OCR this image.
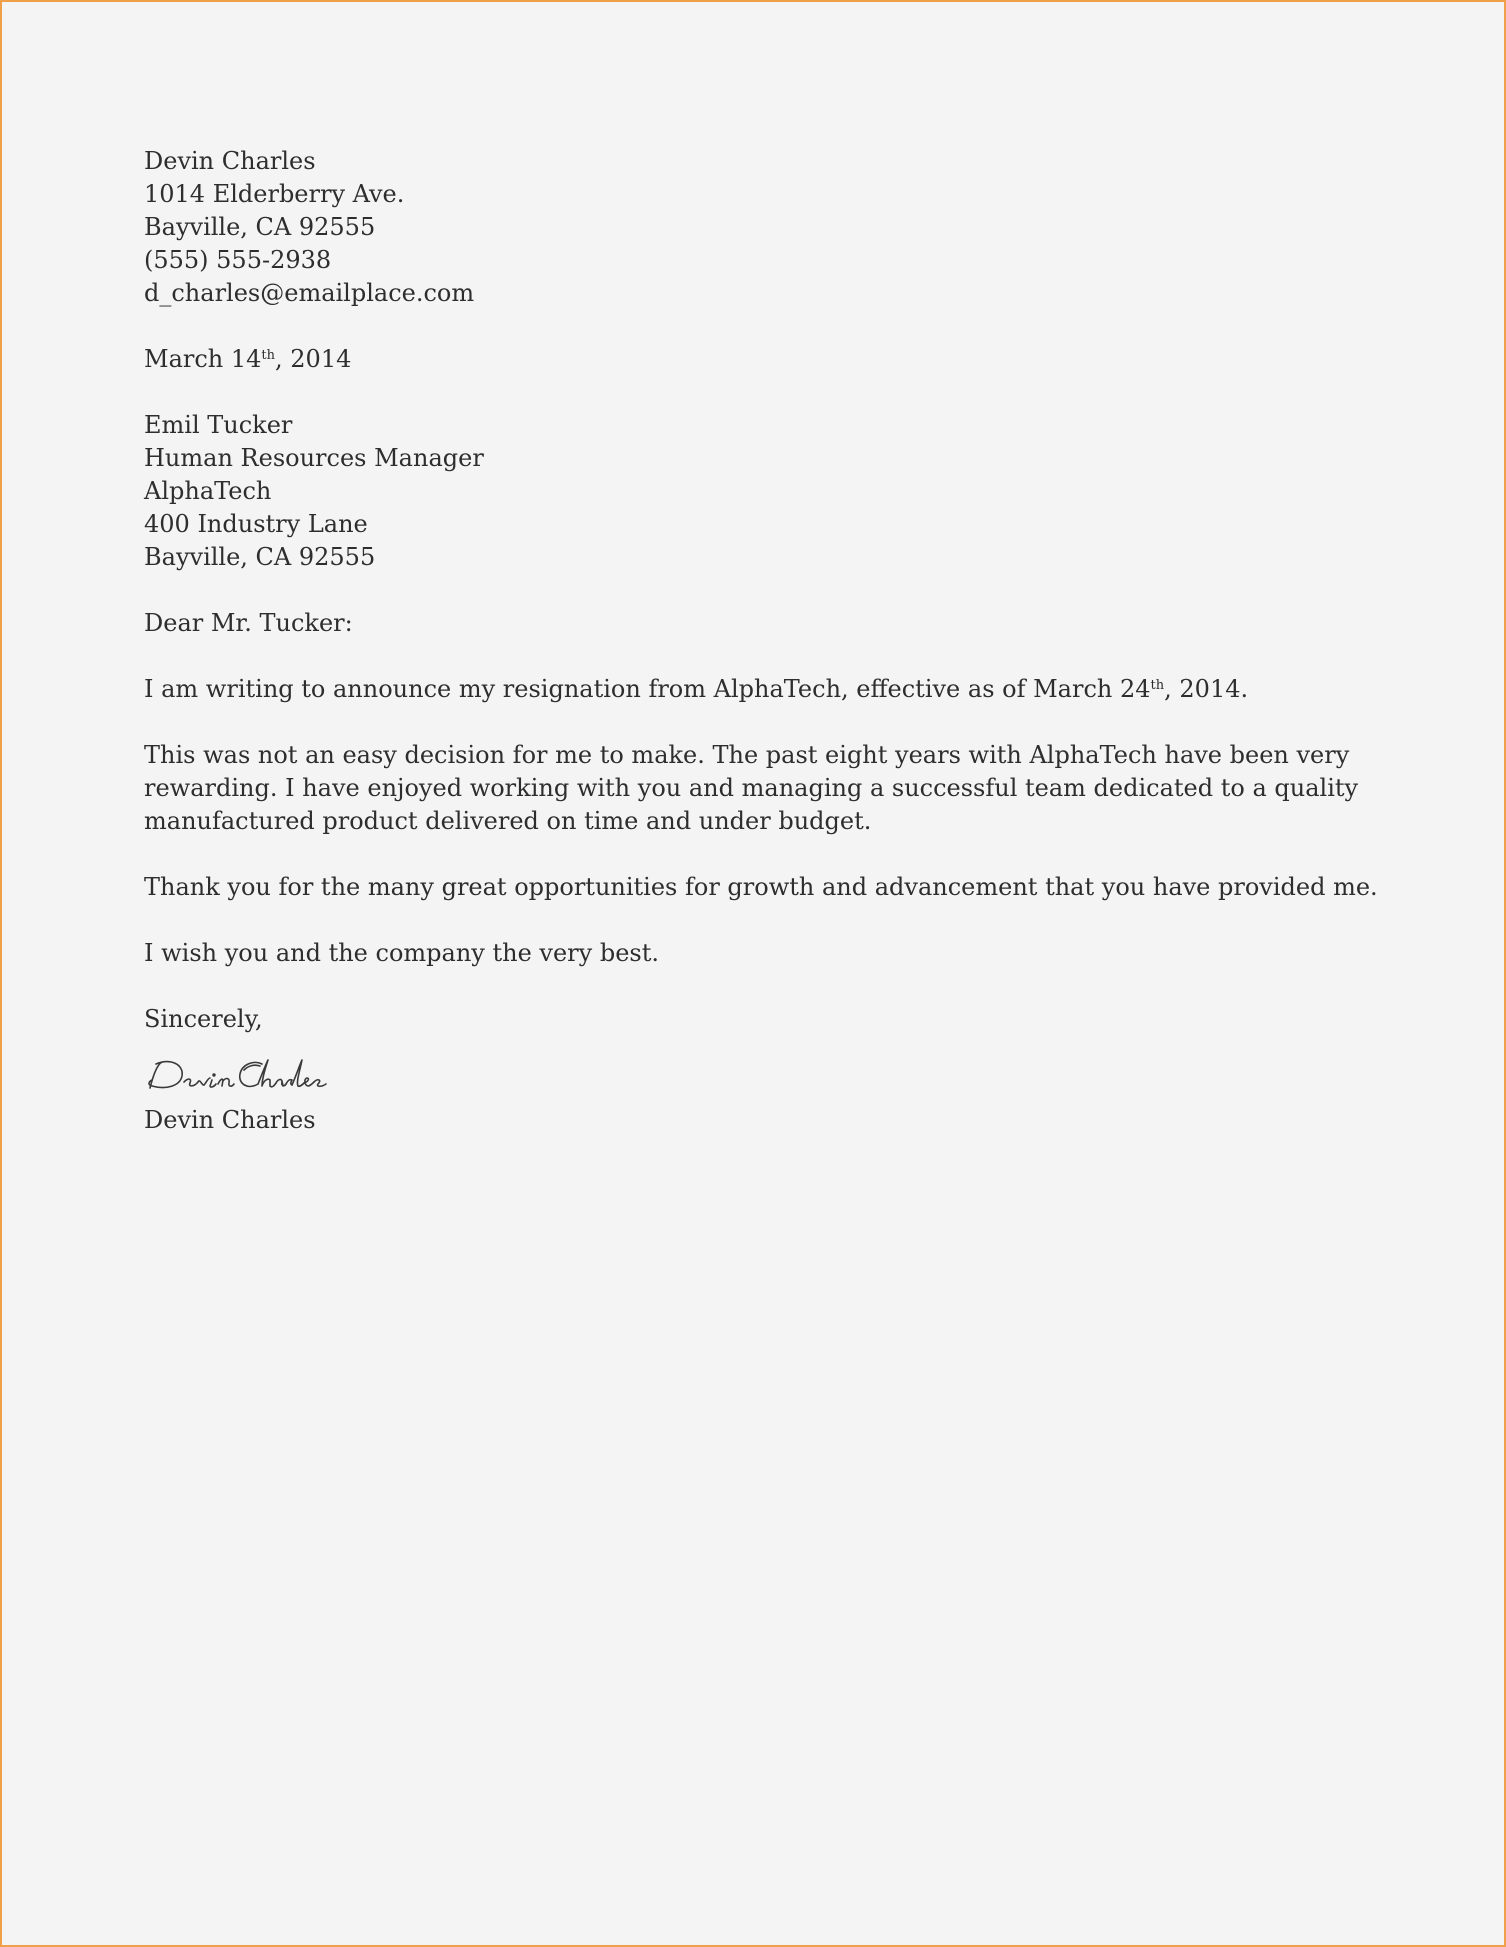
Devin Charles
1014 Elderberry Ave.
Bayville, CA 92555
(555) 555-2938
d_charles@emailplace.com
March 14th, 2014
Emil Tucker
Human Resources Manager
AlphaTech
400 Industry Lane
Bayville, CA 92555
Dear Mr. Tucker:
I am writing to announce my resignation from AlphaTech, effective as of March 24th, 2014.
This was not an easy decision for me to make. The past eight years with AlphaTech have been very
rewarding. I have enjoyed working with you and managing a successful team dedicated to a quality
manufactured product delivered on time and under budget.
Thank you for the many great opportunities for growth and advancement that you have provided me.
I wish you and the company the very best.
Sincerely,
Devin Charles
